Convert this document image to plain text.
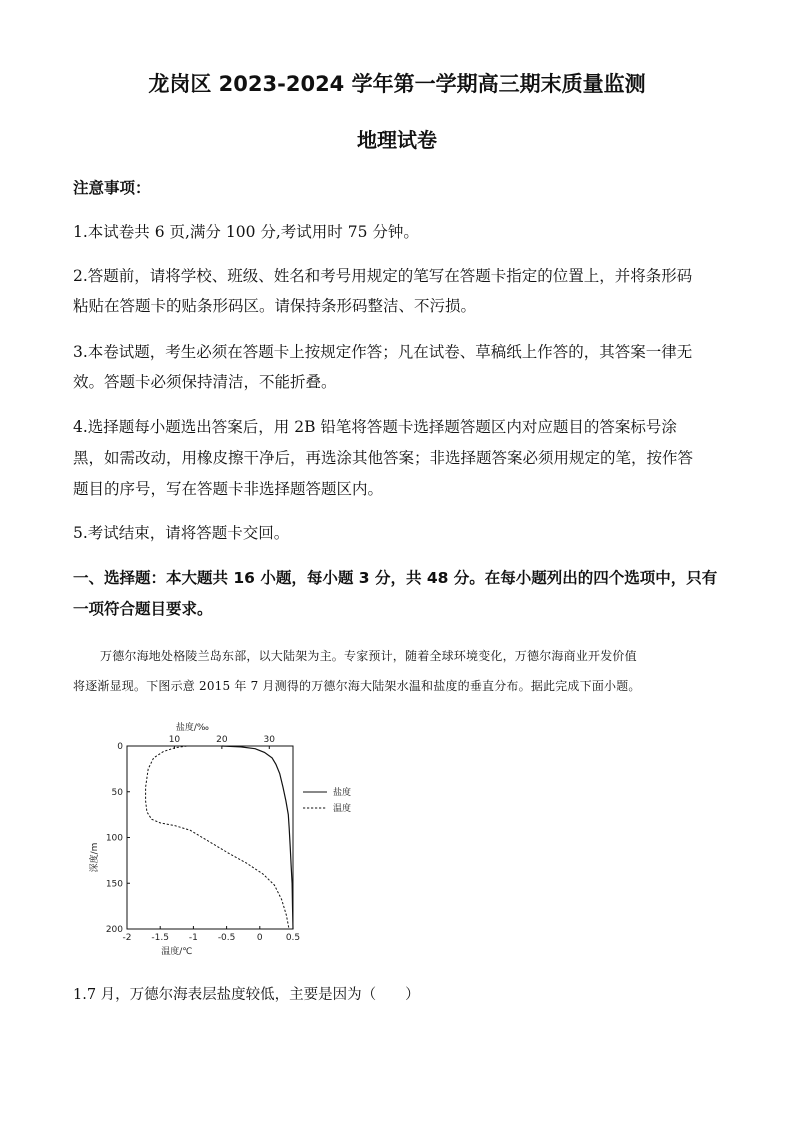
龙岗区 2023-2024 学年第一学期高三期末质量监测
地理试卷
注意事项：
1.本试卷共 6 页,满分 100 分,考试用时 75 分钟。
2.答题前，请将学校、班级、姓名和考号用规定的笔写在答题卡指定的位置上，并将条形码
粘贴在答题卡的贴条形码区。请保持条形码整洁、不污损。
3.本卷试题，考生必须在答题卡上按规定作答；凡在试卷、草稿纸上作答的，其答案一律无
效。答题卡必须保持清洁，不能折叠。
4.选择题每小题选出答案后，用 2B 铅笔将答题卡选择题答题区内对应题目的答案标号涂
黑，如需改动，用橡皮擦干净后，再选涂其他答案；非选择题答案必须用规定的笔，按作答
题目的序号，写在答题卡非选择题答题区内。
5.考试结束，请将答题卡交回。
一、选择题：本大题共 16 小题，每小题 3 分，共 48 分。在每小题列出的四个选项中，只有
一项符合题目要求。
万德尔海地处格陵兰岛东部，以大陆架为主。专家预计，随着全球环境变化，万德尔海商业开发价值
将逐渐显现。下图示意 2015 年 7 月测得的万德尔海大陆架水温和盐度的垂直分布。据此完成下面小题。
-2 -1.5 -1 -0.5 0	0.5
10	20	30
0
50
100
150
200
盐度/‰
温度/℃
深度/m
盐度
温度
1.7 月，万德尔海表层盐度较低，主要是因为（　　）
